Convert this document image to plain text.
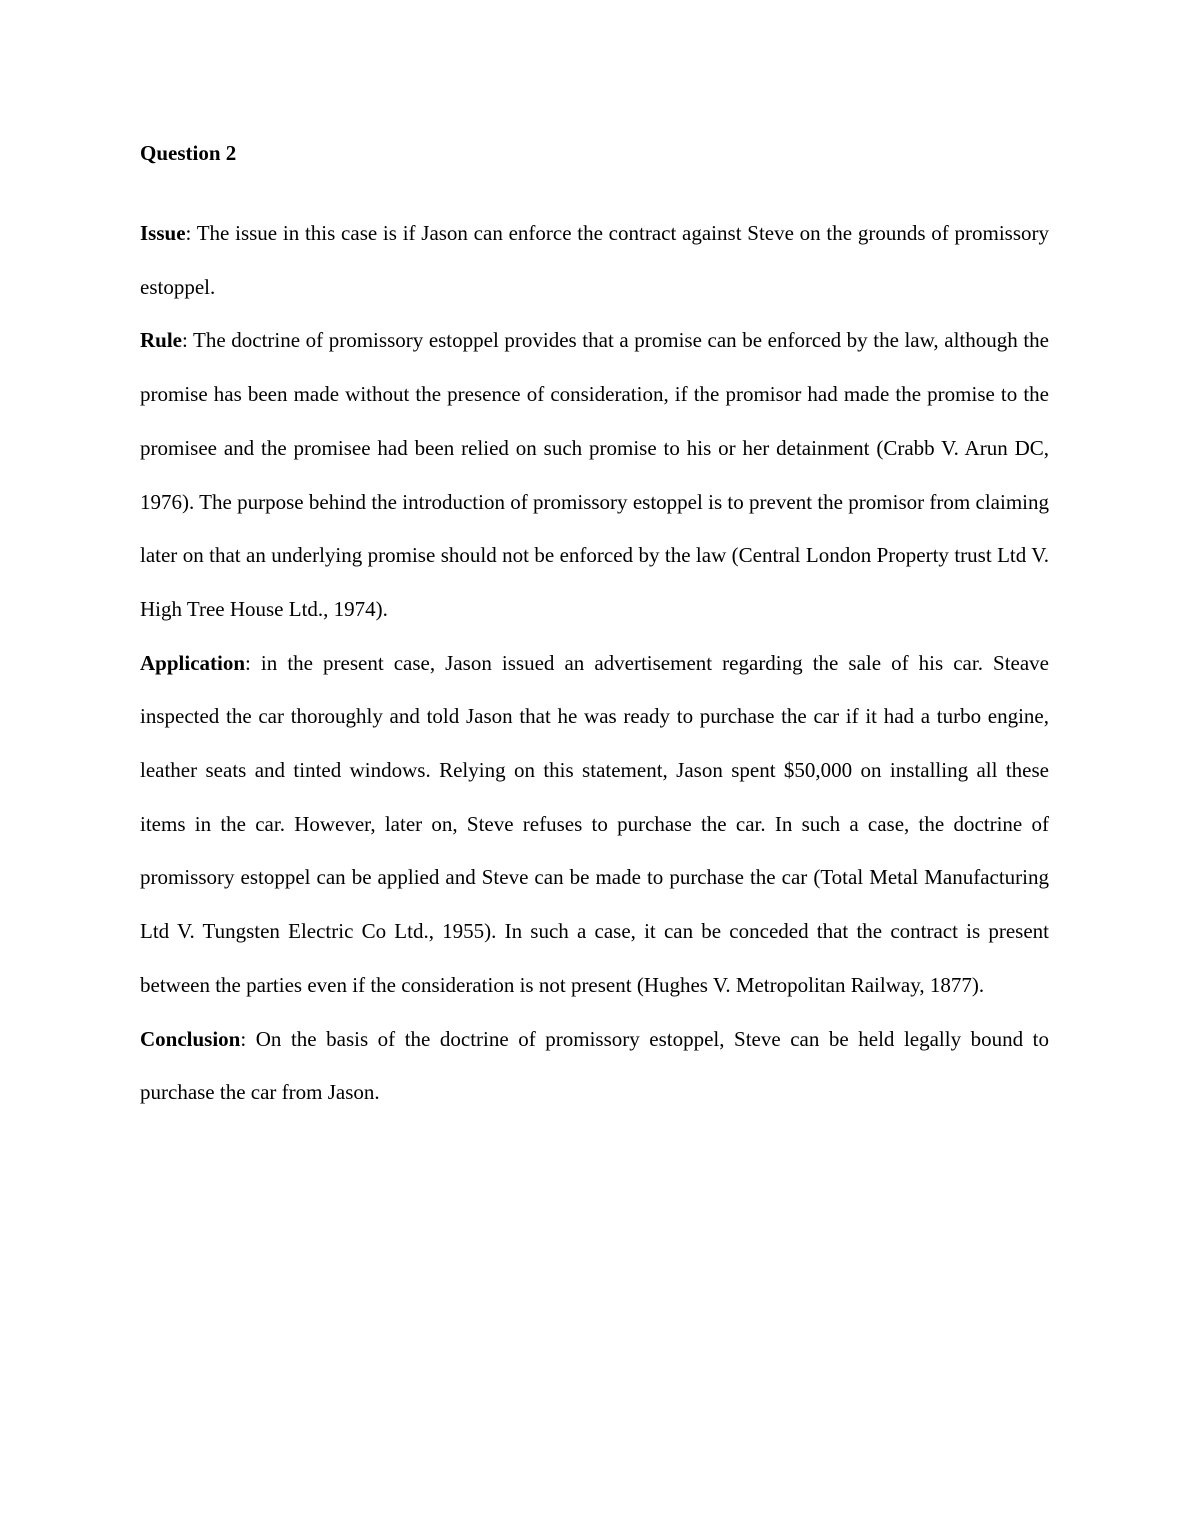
Question 2

Issue: The issue in this case is if Jason can enforce the contract against Steve on the grounds of promissory estoppel.

Rule: The doctrine of promissory estoppel provides that a promise can be enforced by the law, although the promise has been made without the presence of consideration, if the promisor had made the promise to the promisee and the promisee had been relied on such promise to his or her detainment (Crabb V. Arun DC, 1976). The purpose behind the introduction of promissory estoppel is to prevent the promisor from claiming later on that an underlying promise should not be enforced by the law (Central London Property trust Ltd V. High Tree House Ltd., 1974).

Application: in the present case, Jason issued an advertisement regarding the sale of his car. Steave inspected the car thoroughly and told Jason that he was ready to purchase the car if it had a turbo engine, leather seats and tinted windows. Relying on this statement, Jason spent $50,000 on installing all these items in the car. However, later on, Steve refuses to purchase the car. In such a case, the doctrine of promissory estoppel can be applied and Steve can be made to purchase the car (Total Metal Manufacturing Ltd V. Tungsten Electric Co Ltd., 1955). In such a case, it can be conceded that the contract is present between the parties even if the consideration is not present (Hughes V. Metropolitan Railway, 1877).

Conclusion: On the basis of the doctrine of promissory estoppel, Steve can be held legally bound to purchase the car from Jason.
